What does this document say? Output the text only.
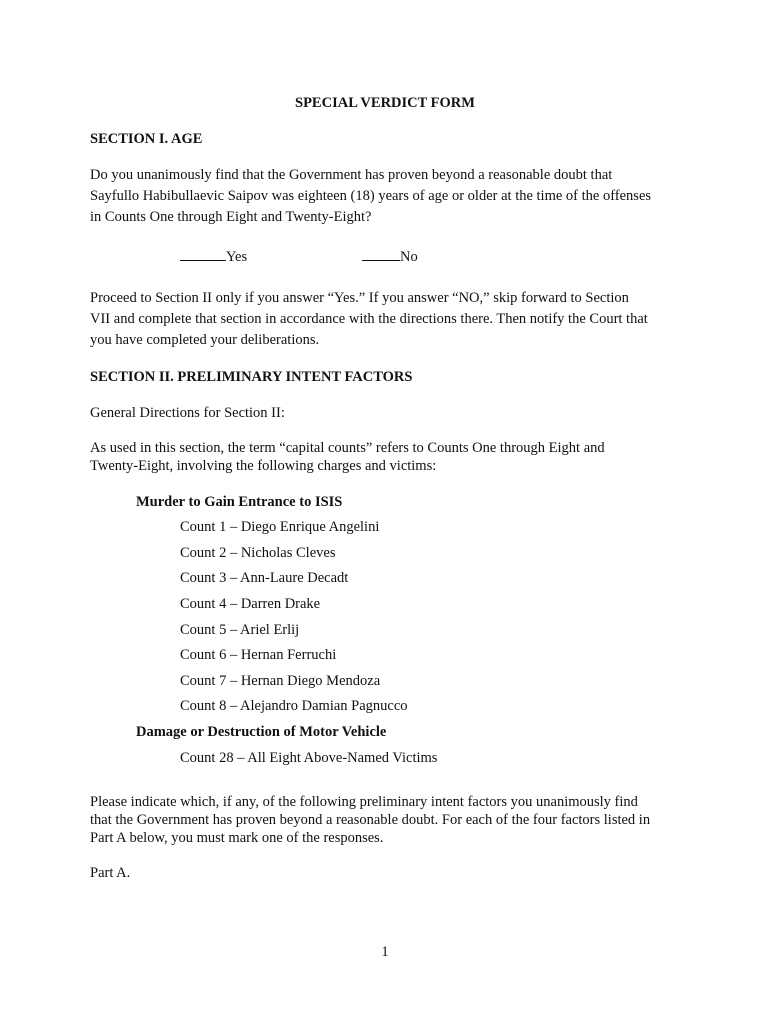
SPECIAL VERDICT FORM
SECTION I. AGE
Do you unanimously find that the Government has proven beyond a reasonable doubt that
Sayfullo Habibullaevic Saipov was eighteen (18) years of age or older at the time of the offenses
in Counts One through Eight and Twenty-Eight?
Yes	No
Proceed to Section II only if you answer “Yes.” If you answer “NO,” skip forward to Section
VII and complete that section in accordance with the directions there. Then notify the Court that
you have completed your deliberations.
SECTION II. PRELIMINARY INTENT FACTORS
General Directions for Section II:
As used in this section, the term “capital counts” refers to Counts One through Eight and
Twenty-Eight, involving the following charges and victims:
Murder to Gain Entrance to ISIS
Count 1 – Diego Enrique Angelini
Count 2 – Nicholas Cleves
Count 3 – Ann-Laure Decadt
Count 4 – Darren Drake
Count 5 – Ariel Erlij
Count 6 – Hernan Ferruchi
Count 7 – Hernan Diego Mendoza
Count 8 – Alejandro Damian Pagnucco
Damage or Destruction of Motor Vehicle
Count 28 – All Eight Above-Named Victims
Please indicate which, if any, of the following preliminary intent factors you unanimously find
that the Government has proven beyond a reasonable doubt. For each of the four factors listed in
Part A below, you must mark one of the responses.
Part A.
1
